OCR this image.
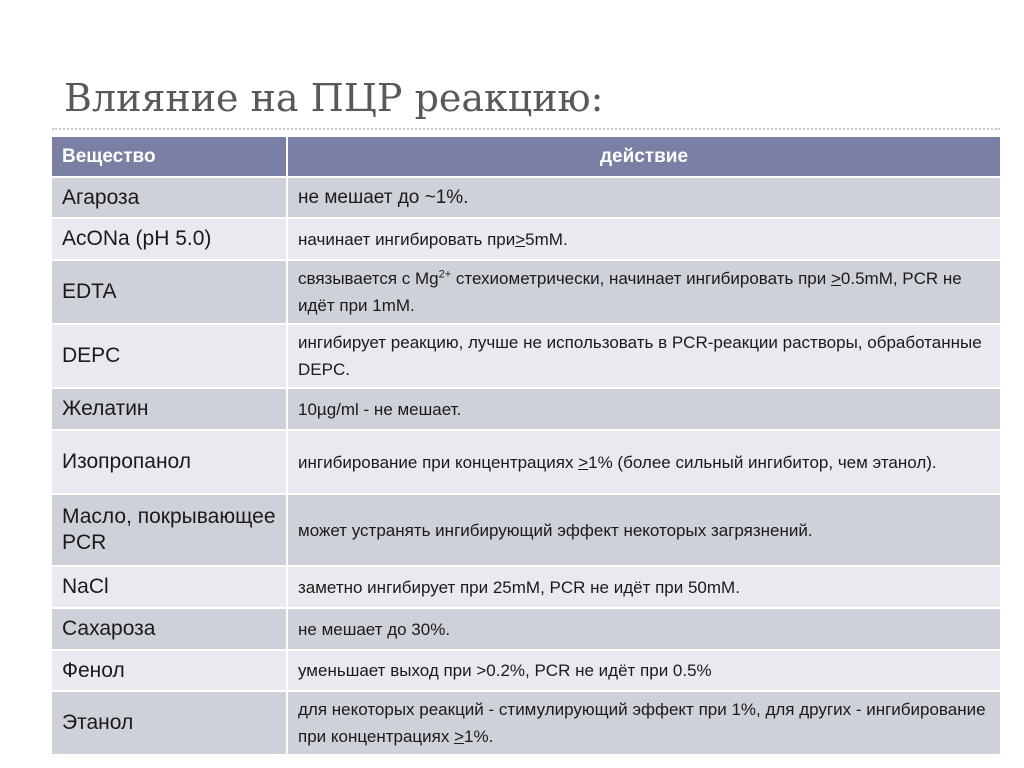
Влияние на ПЦР реакцию:
Вещество	действие
Агароза	не мешает до ~1%.
AcONa (pH 5.0)	начинает ингибировать при≥5mM.
EDTA	связывается с $Mg^{2+}$ стехиометрически, начинает ингибировать при ≥0.5mM, PCR не идёт при 1mM.
DEPC	ингибирует реакцию, лучше не использовать в PCR-реакции растворы, обработанные DEPC.
Желатин	10µg/ml - не мешает.
Изопропанол	ингибирование при концентрациях ≥1% (более сильный ингибитор, чем этанол).
Масло, покрывающее PCR	может устранять ингибирующий эффект некоторых загрязнений.
NaCl	заметно ингибирует при 25mM, PCR не идёт при 50mM.
Сахароза	не мешает до 30%.
Фенол	уменьшает выход при >0.2%, PCR не идёт при 0.5%
Этанол	для некоторых реакций - стимулирующий эффект при 1%, для других - ингибирование при концентрациях ≥1%.
